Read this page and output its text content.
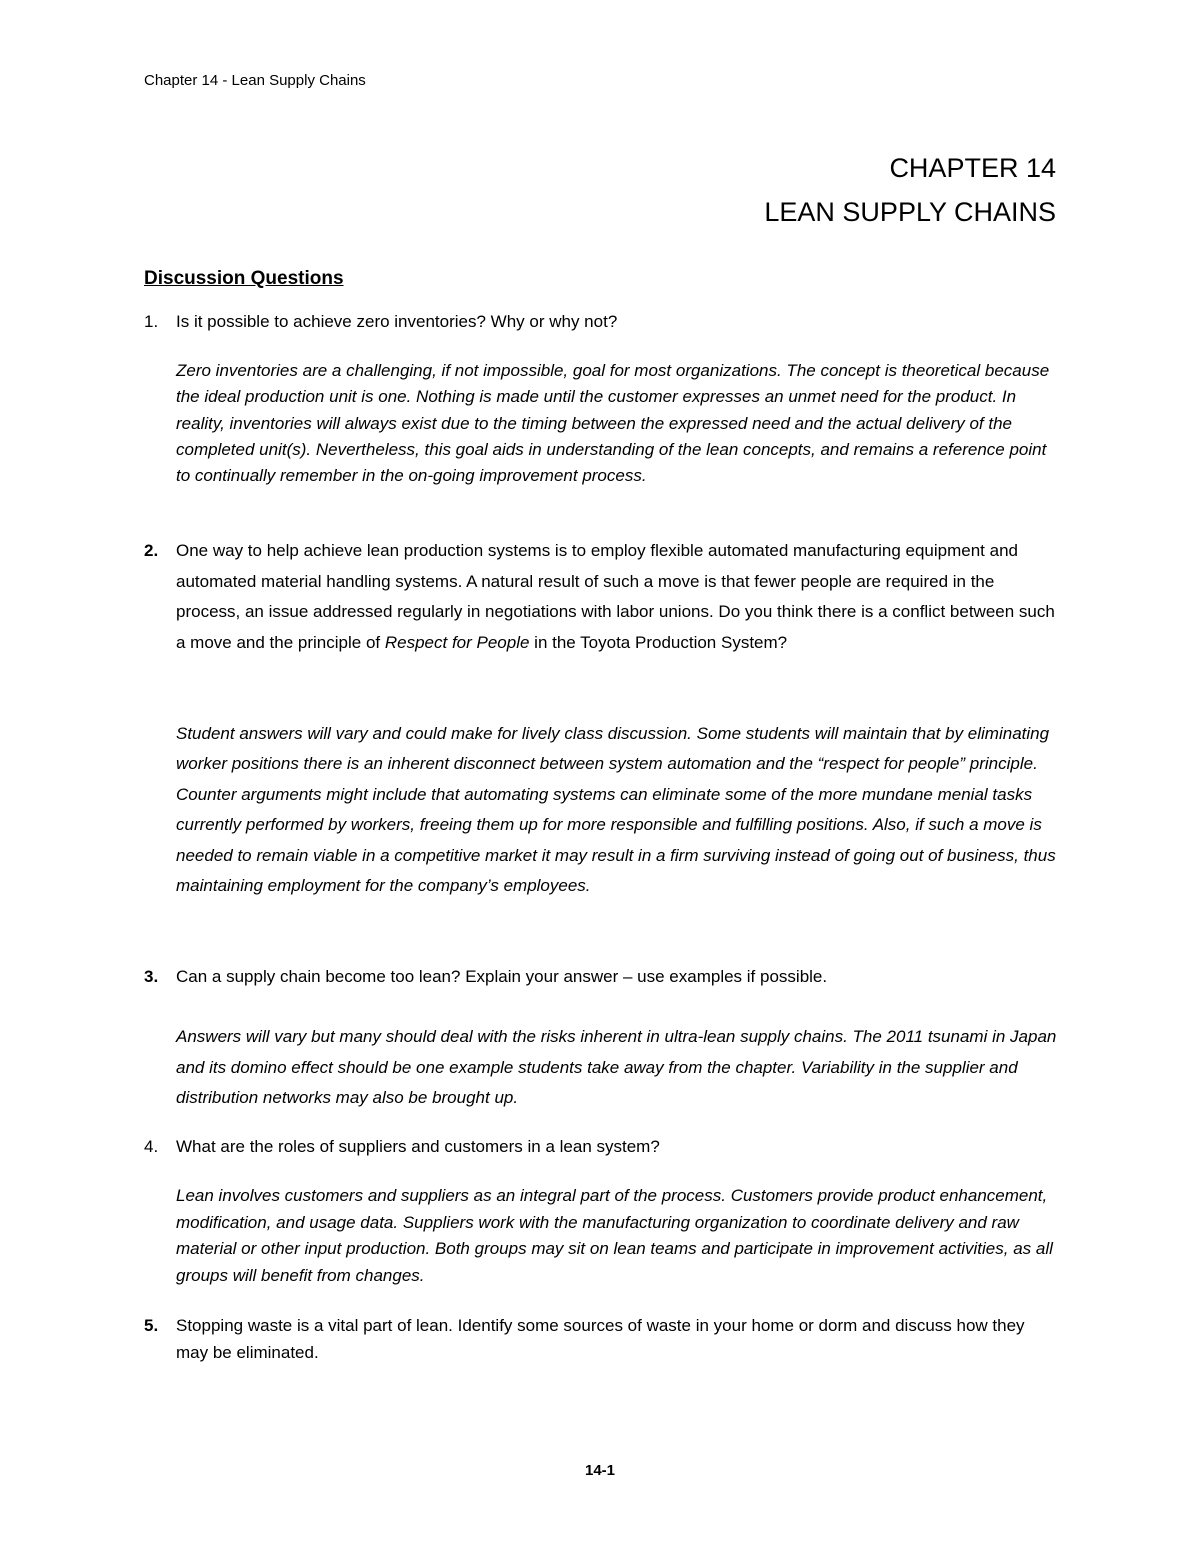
Chapter 14 - Lean Supply Chains
CHAPTER 14
LEAN SUPPLY CHAINS
Discussion Questions
1. Is it possible to achieve zero inventories? Why or why not?
Zero inventories are a challenging, if not impossible, goal for most organizations. The concept is theoretical because the ideal production unit is one. Nothing is made until the customer expresses an unmet need for the product. In reality, inventories will always exist due to the timing between the expressed need and the actual delivery of the completed unit(s). Nevertheless, this goal aids in understanding of the lean concepts, and remains a reference point to continually remember in the on-going improvement process.
2. One way to help achieve lean production systems is to employ flexible automated manufacturing equipment and automated material handling systems. A natural result of such a move is that fewer people are required in the process, an issue addressed regularly in negotiations with labor unions. Do you think there is a conflict between such a move and the principle of Respect for People in the Toyota Production System?
Student answers will vary and could make for lively class discussion. Some students will maintain that by eliminating worker positions there is an inherent disconnect between system automation and the “respect for people” principle. Counter arguments might include that automating systems can eliminate some of the more mundane menial tasks currently performed by workers, freeing them up for more responsible and fulfilling positions. Also, if such a move is needed to remain viable in a competitive market it may result in a firm surviving instead of going out of business, thus maintaining employment for the company’s employees.
3. Can a supply chain become too lean? Explain your answer – use examples if possible.
Answers will vary but many should deal with the risks inherent in ultra-lean supply chains. The 2011 tsunami in Japan and its domino effect should be one example students take away from the chapter. Variability in the supplier and distribution networks may also be brought up.
4. What are the roles of suppliers and customers in a lean system?
Lean involves customers and suppliers as an integral part of the process. Customers provide product enhancement, modification, and usage data. Suppliers work with the manufacturing organization to coordinate delivery and raw material or other input production. Both groups may sit on lean teams and participate in improvement activities, as all groups will benefit from changes.
5. Stopping waste is a vital part of lean. Identify some sources of waste in your home or dorm and discuss how they may be eliminated.
14-1
